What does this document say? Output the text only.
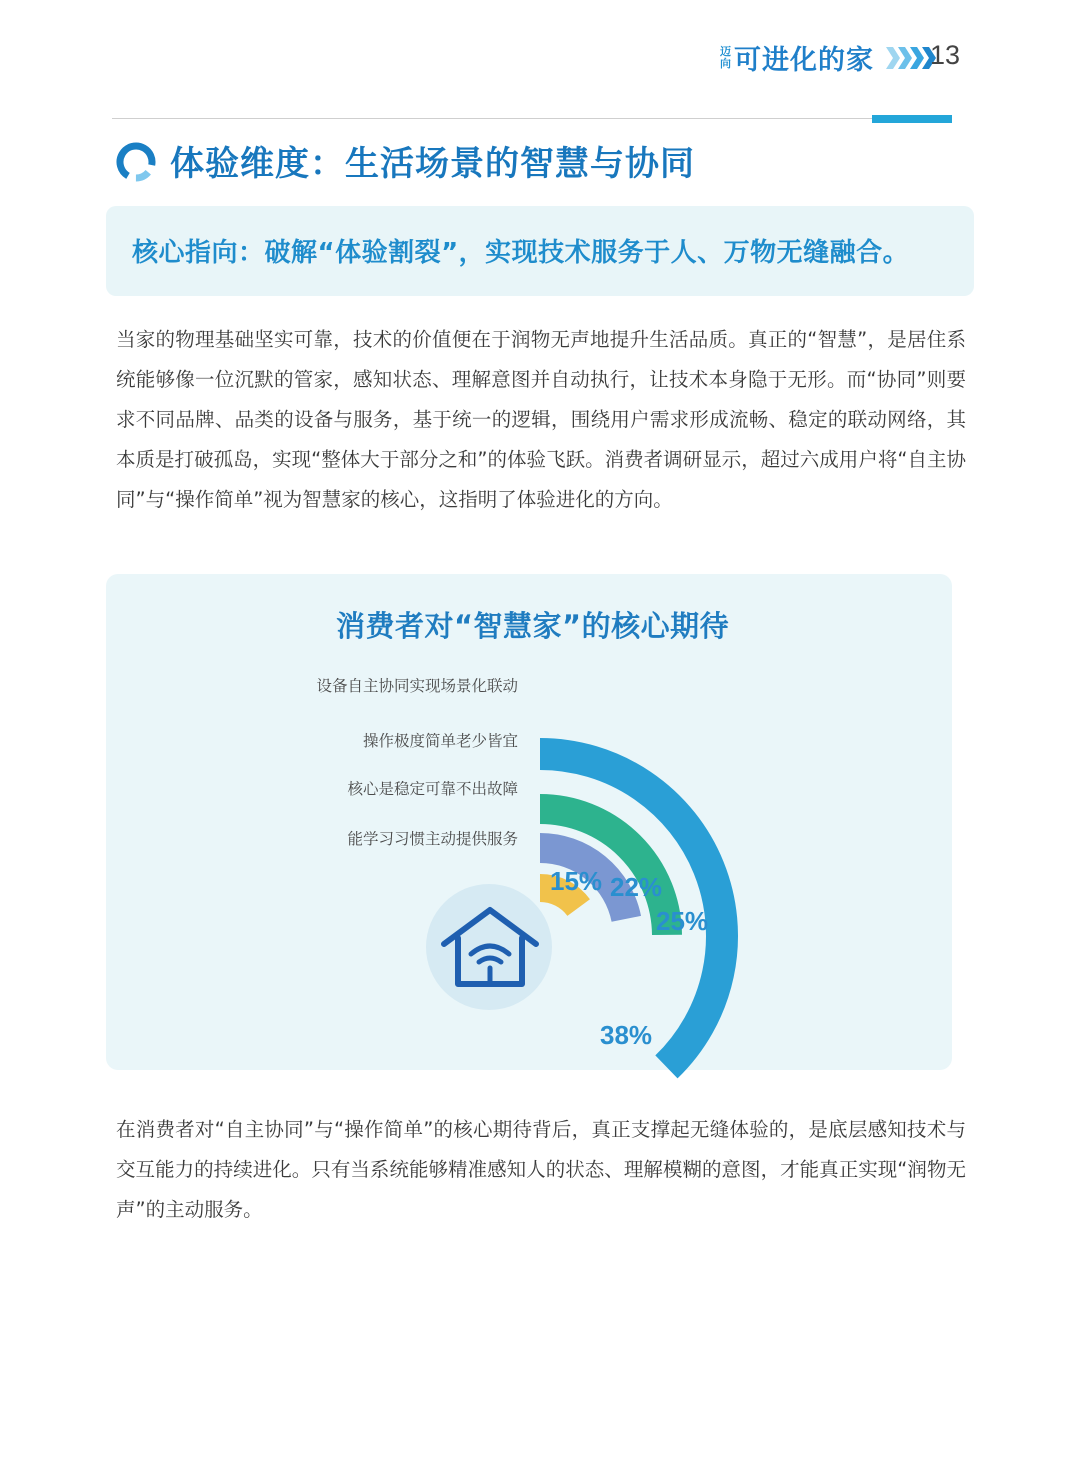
迈向 可进化的家 13
体验维度：生活场景的智慧与协同
核心指向：破解“体验割裂”，实现技术服务于人、万物无缝融合。
当家的物理基础坚实可靠，技术的价值便在于润物无声地提升生活品质。真正的“智慧”，是居住系统能够像一位沉默的管家，感知状态、理解意图并自动执行，让技术本身隐于无形。而“协同”则要求不同品牌、品类的设备与服务，基于统一的逻辑，围绕用户需求形成流畅、稳定的联动网络，其本质是打破孤岛，实现“整体大于部分之和”的体验飞跃。消费者调研显示，超过六成用户将“自主协同”与“操作简单”视为智慧家的核心，这指明了体验进化的方向。
消费者对“智慧家”的核心期待
在消费者对“自主协同”与“操作简单”的核心期待背后，真正支撑起无缝体验的，是底层感知技术与交互能力的持续进化。只有当系统能够精准感知人的状态、理解模糊的意图，才能真正实现“润物无声”的主动服务。
设备自主协同实现场景化联动
38%
操作极度简单老少皆宜
25%
核心是稳定可靠不出故障
22%
能学习习惯主动提供服务
15%
